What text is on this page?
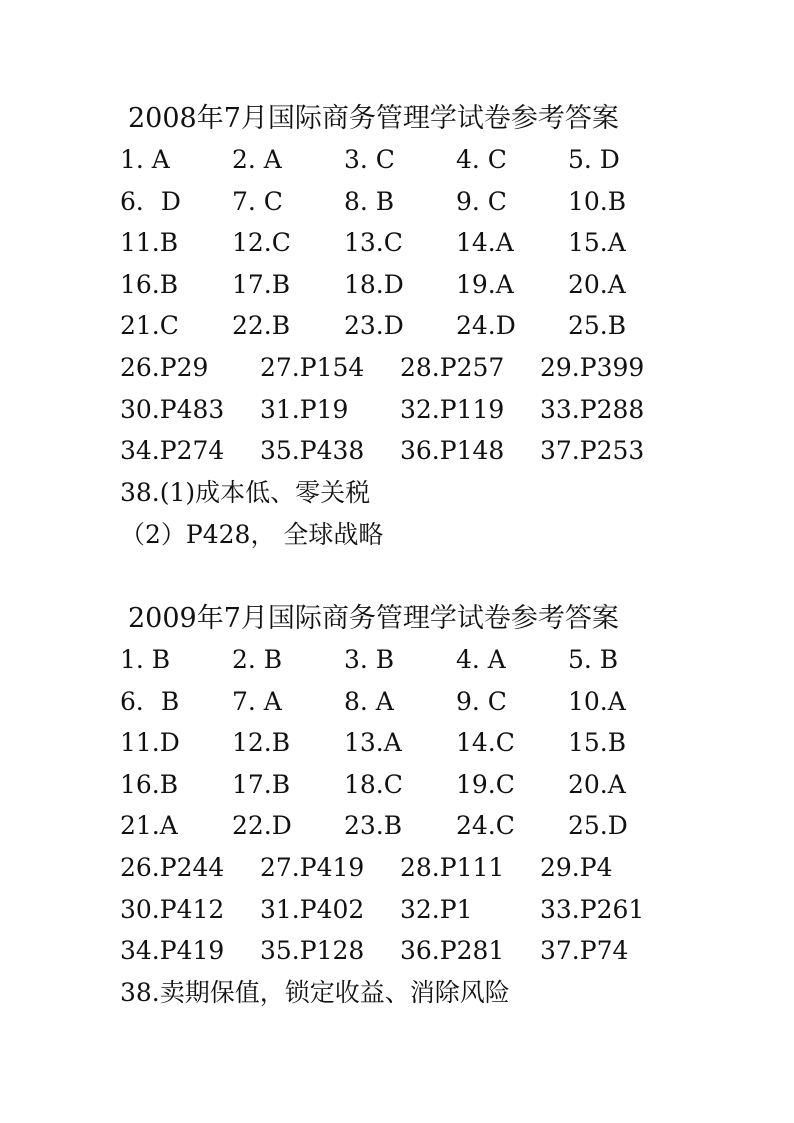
2008年7月国际商务管理学试卷参考答案
1. A 2. A 3. C 4. C 5. D
6．D 7. C 8. B 9. C 10.B
11.B 12.C 13.C 14.A 15.A
16.B 17.B 18.D 19.A 20.A
21.C 22.B 23.D 24.D 25.B
26.P29 27.P154 28.P257 29.P399
30.P483 31.P19 32.P119 33.P288
34.P274 35.P438 36.P148 37.P253
38.(1)成本低、零关税
（2）P428， 全球战略
2009年7月国际商务管理学试卷参考答案
1. B 2. B 3. B 4. A 5. B
6．B 7. A 8. A 9. C 10.A
11.D 12.B 13.A 14.C 15.B
16.B 17.B 18.C 19.C 20.A
21.A 22.D 23.B 24.C 25.D
26.P244 27.P419 28.P111 29.P4
30.P412 31.P402 32.P1	33.P261
34.P419 35.P128 36.P281 37.P74
38.卖期保值，锁定收益、消除风险
